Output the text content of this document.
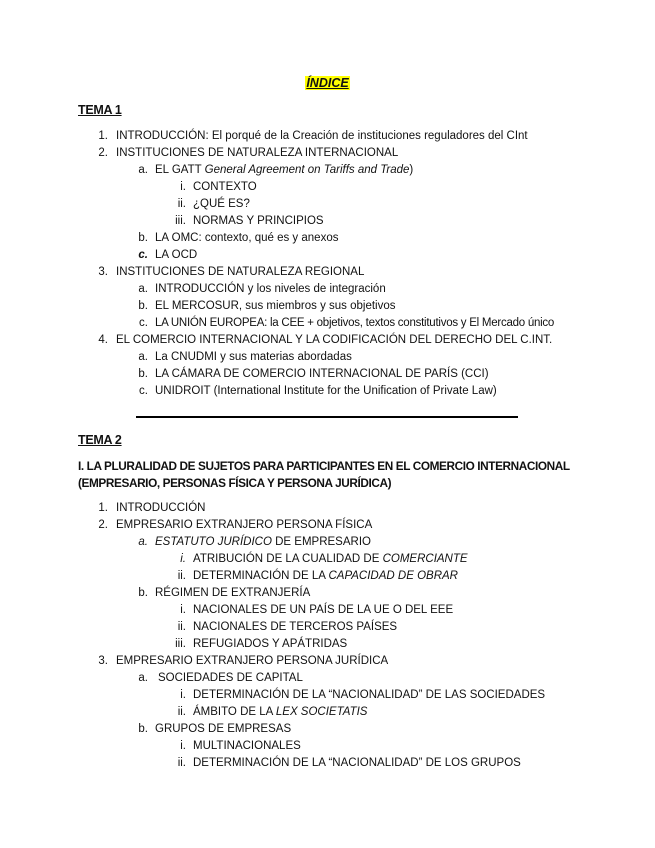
ÍNDICE
TEMA 1
1. INTRODUCCIÓN: El porqué de la Creación de instituciones reguladores del CInt
2. INSTITUCIONES DE NATURALEZA INTERNACIONAL
a. EL GATT General Agreement on Tariffs and Trade)
i. CONTEXTO
ii. ¿QUÉ ES?
iii. NORMAS Y PRINCIPIOS
b. LA OMC: contexto, qué es y anexos
c. LA OCD
3. INSTITUCIONES DE NATURALEZA REGIONAL
a. INTRODUCCIÓN y los niveles de integración
b. EL MERCOSUR, sus miembros y sus objetivos
c. LA UNIÓN EUROPEA: la CEE + objetivos, textos constitutivos y El Mercado único
4. EL COMERCIO INTERNACIONAL Y LA CODIFICACIÓN DEL DERECHO DEL C.INT.
a. La CNUDMI y sus materias abordadas
b. LA CÁMARA DE COMERCIO INTERNACIONAL DE PARÍS (CCI)
c. UNIDROIT (International Institute for the Unification of Private Law)
TEMA 2
I. LA PLURALIDAD DE SUJETOS PARA PARTICIPANTES EN EL COMERCIO INTERNACIONAL
(EMPRESARIO, PERSONAS FÍSICA Y PERSONA JURÍDICA)
1. INTRODUCCIÓN
2. EMPRESARIO EXTRANJERO PERSONA FÍSICA
a. ESTATUTO JURÍDICO DE EMPRESARIO
i. ATRIBUCIÓN DE LA CUALIDAD DE COMERCIANTE
ii. DETERMINACIÓN DE LA CAPACIDAD DE OBRAR
b. RÉGIMEN DE EXTRANJERÍA
i. NACIONALES DE UN PAÍS DE LA UE O DEL EEE
ii. NACIONALES DE TERCEROS PAÍSES
iii. REFUGIADOS Y APÁTRIDAS
3. EMPRESARIO EXTRANJERO PERSONA JURÍDICA
a. SOCIEDADES DE CAPITAL
i. DETERMINACIÓN DE LA “NACIONALIDAD” DE LAS SOCIEDADES
ii. ÁMBITO DE LA LEX SOCIETATIS
b. GRUPOS DE EMPRESAS
i. MULTINACIONALES
ii. DETERMINACIÓN DE LA “NACIONALIDAD” DE LOS GRUPOS
